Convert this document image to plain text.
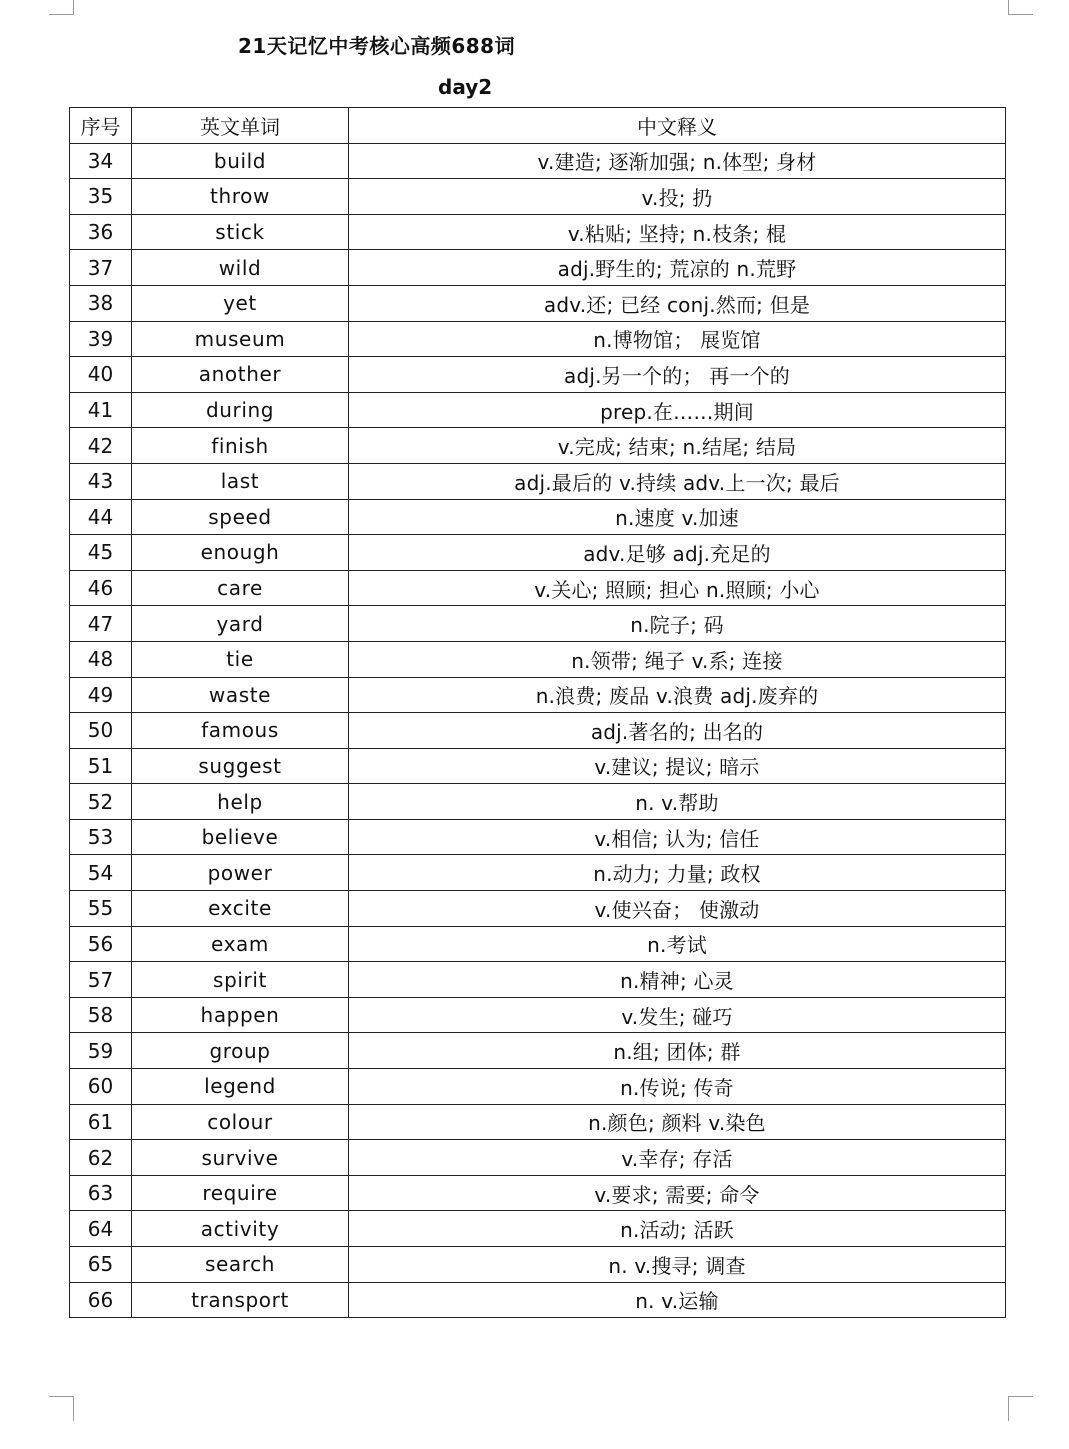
21天记忆中考核心高频688词
day2
序号	英文单词	中文释义
34	build	v.建造; 逐渐加强; n.体型; 身材
35	throw	v.投; 扔
36	stick	v.粘贴; 坚持; n.枝条; 棍
37	wild	adj.野生的; 荒凉的 n.荒野
38	yet	adv.还; 已经 conj.然而; 但是
39	museum	n.博物馆； 展览馆
40	another	adj.另一个的； 再一个的
41	during	prep.在……期间
42	finish	v.完成; 结束; n.结尾; 结局
43	last	adj.最后的 v.持续 adv.上一次; 最后
44	speed	n.速度 v.加速
45	enough	adv.足够 adj.充足的
46	care	v.关心; 照顾; 担心 n.照顾; 小心
47	yard	n.院子; 码
48	tie	n.领带; 绳子 v.系; 连接
49	waste	n.浪费; 废品 v.浪费 adj.废弃的
50	famous	adj.著名的; 出名的
51	suggest	v.建议; 提议; 暗示
52	help	n. v.帮助
53	believe	v.相信; 认为; 信任
54	power	n.动力; 力量; 政权
55	excite	v.使兴奋； 使激动
56	exam	n.考试
57	spirit	n.精神; 心灵
58	happen	v.发生; 碰巧
59	group	n.组; 团体; 群
60	legend	n.传说; 传奇
61	colour	n.颜色; 颜料 v.染色
62	survive	v.幸存; 存活
63	require	v.要求; 需要; 命令
64	activity	n.活动; 活跃
65	search	n. v.搜寻; 调查
66	transport	n. v.运输
